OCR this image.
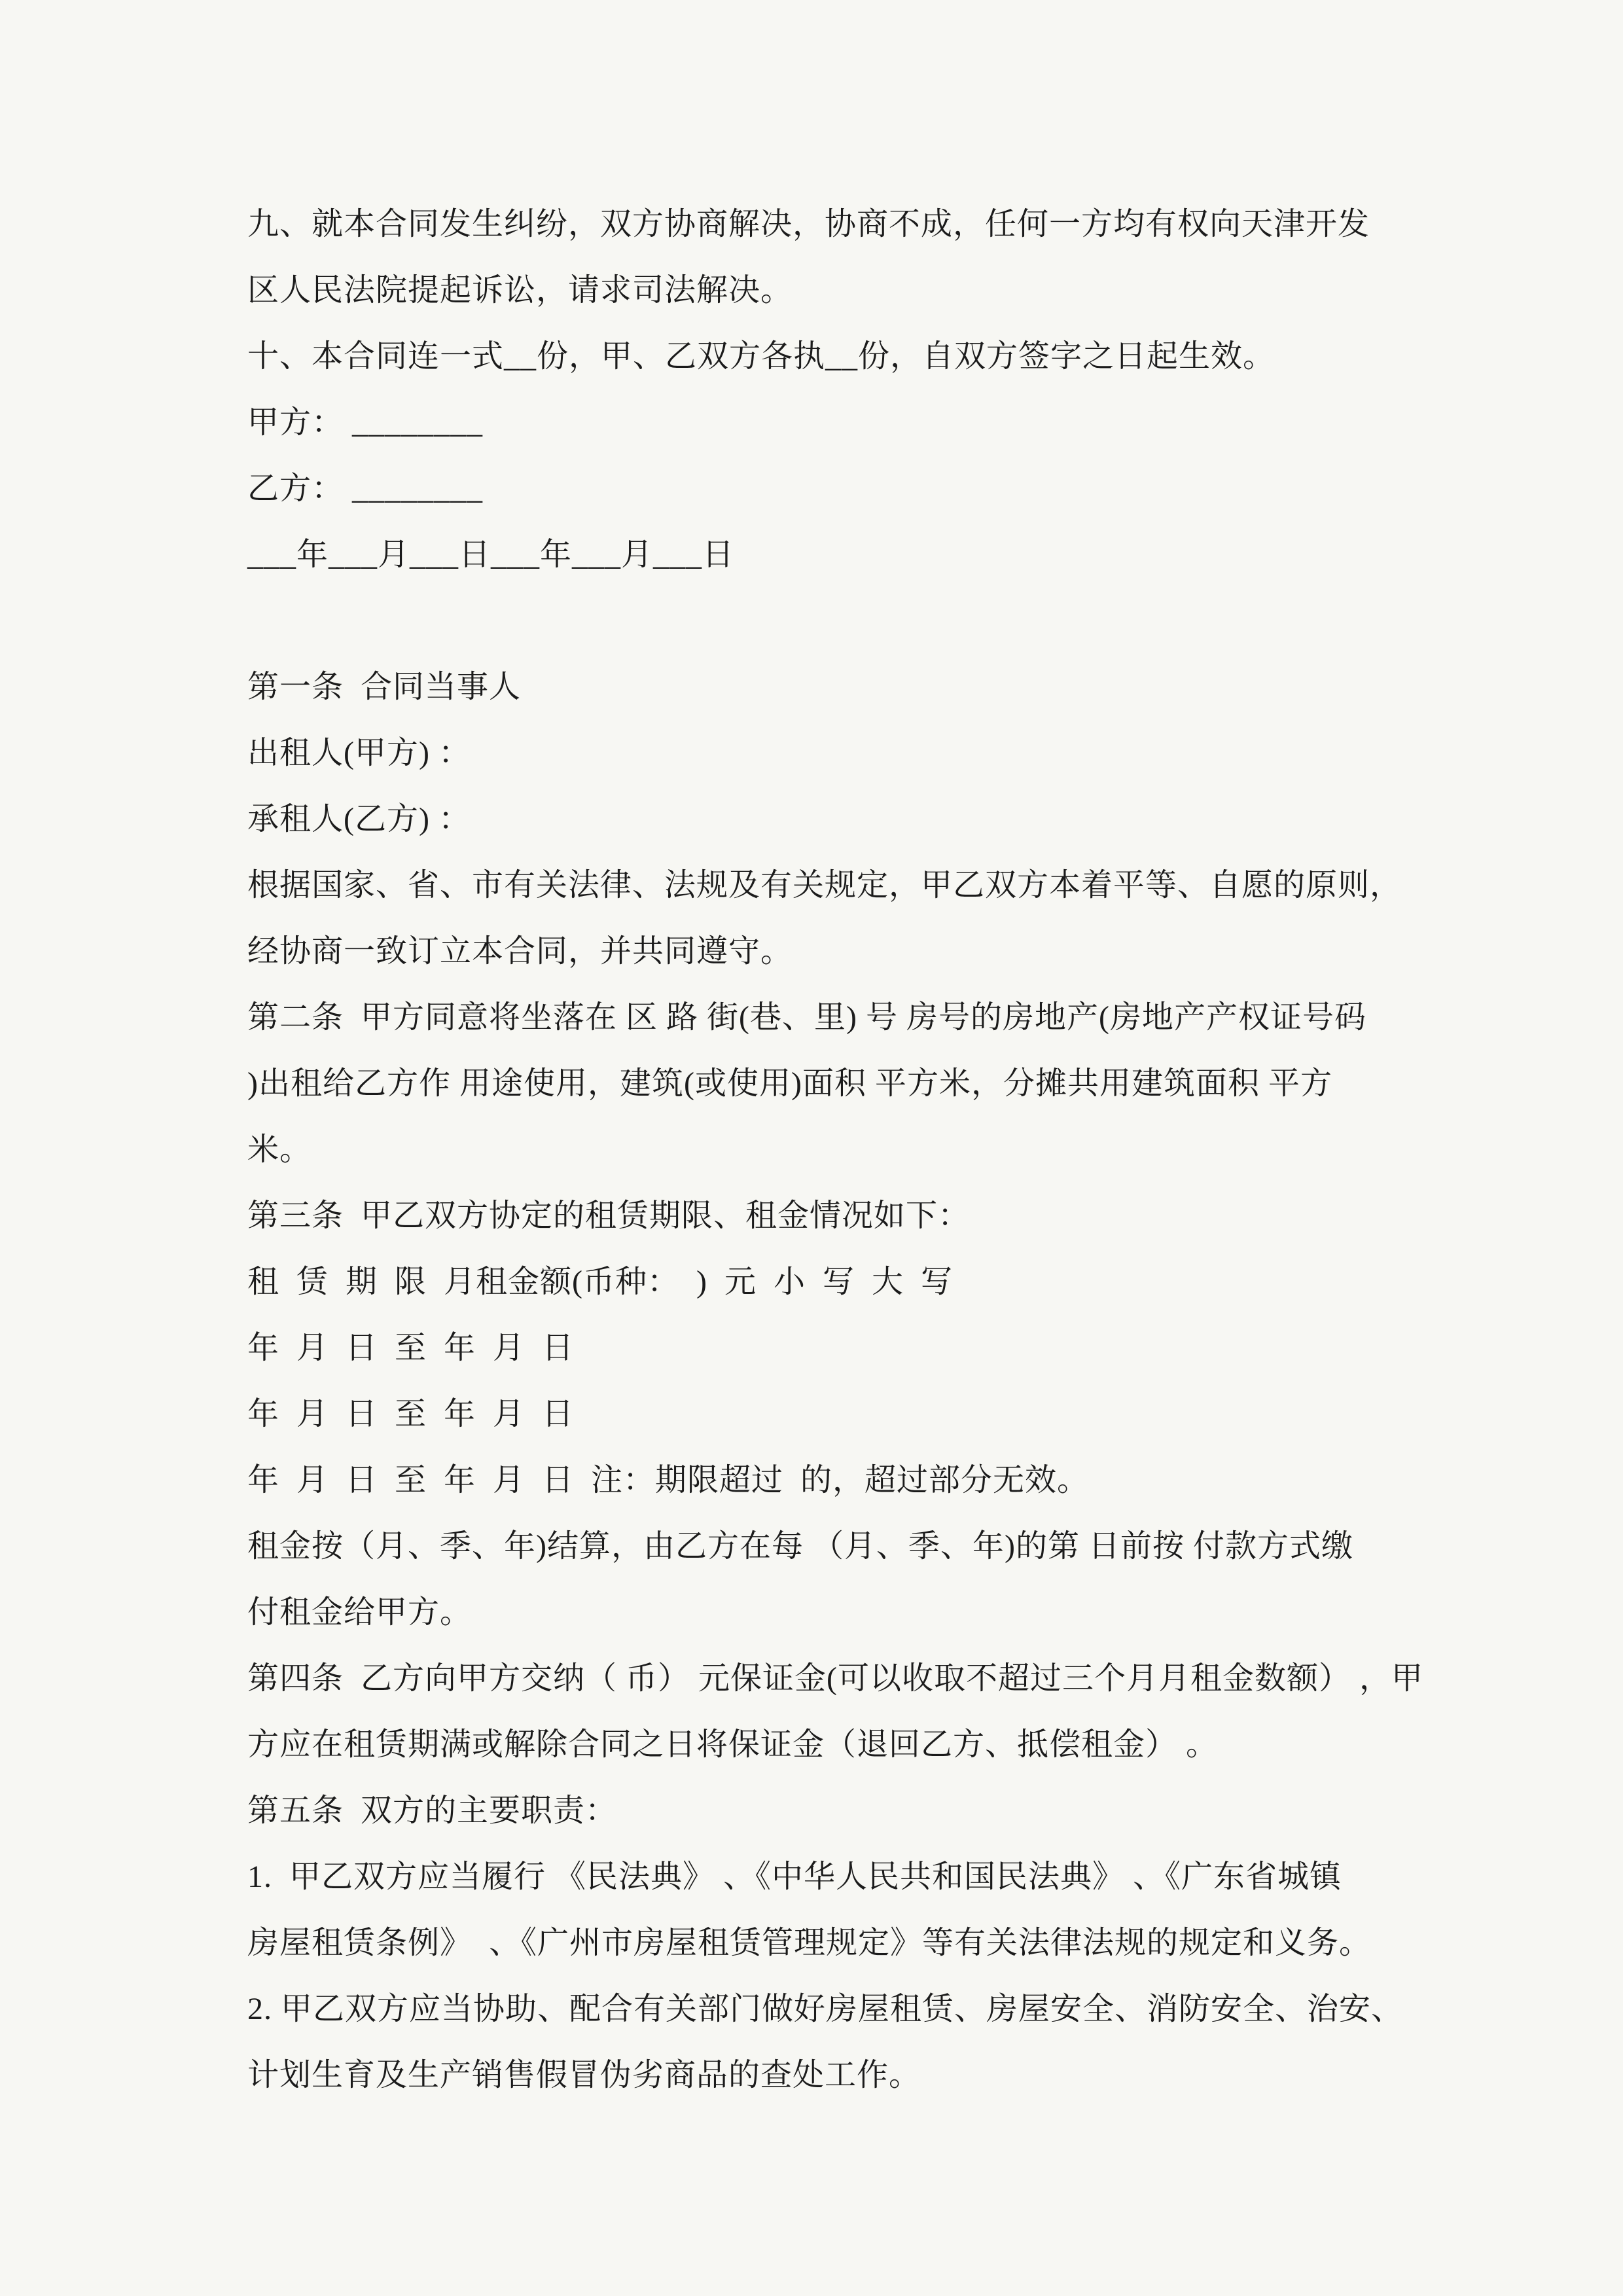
九、就本合同发生纠纷，双方协商解决，协商不成，任何一方均有权向天津开发
区人民法院提起诉讼，请求司法解决。
十、本合同连一式__份，甲、乙双方各执__份，自双方签字之日起生效。
甲方： ________
乙方： ________
___年___月___日___年___月___日
第一条  合同当事人
出租人(甲方) ：
承租人(乙方) ：
根据国家、省、市有关法律、法规及有关规定，甲乙双方本着平等、自愿的原则，
经协商一致订立本合同，并共同遵守。
第二条  甲方同意将坐落在 区 路 街(巷、里) 号 房号的房地产(房地产产权证号码
)出租给乙方作 用途使用，建筑(或使用)面积 平方米，分摊共用建筑面积 平方
米。
第三条  甲乙双方协定的租赁期限、租金情况如下：
租  赁  期  限  月租金额(币种：  )  元  小  写  大  写
年  月  日  至  年  月  日
年  月  日  至  年  月  日
年  月  日  至  年  月  日  注：期限超过  的，超过部分无效。
租金按（月、季、年)结算，由乙方在每 （月、季、年)的第 日前按 付款方式缴
付租金给甲方。
第四条  乙方向甲方交纳（ 币） 元保证金(可以收取不超过三个月月租金数额） ，甲
方应在租赁期满或解除合同之日将保证金（退回乙方、抵偿租金） 。
第五条  双方的主要职责：
1.  甲乙双方应当履行 《民法典》 、《中华人民共和国民法典》 、《广东省城镇
房屋租赁条例》  、《广州市房屋租赁管理规定》等有关法律法规的规定和义务。
2. 甲乙双方应当协助、配合有关部门做好房屋租赁、房屋安全、消防安全、治安、
计划生育及生产销售假冒伪劣商品的查处工作。
